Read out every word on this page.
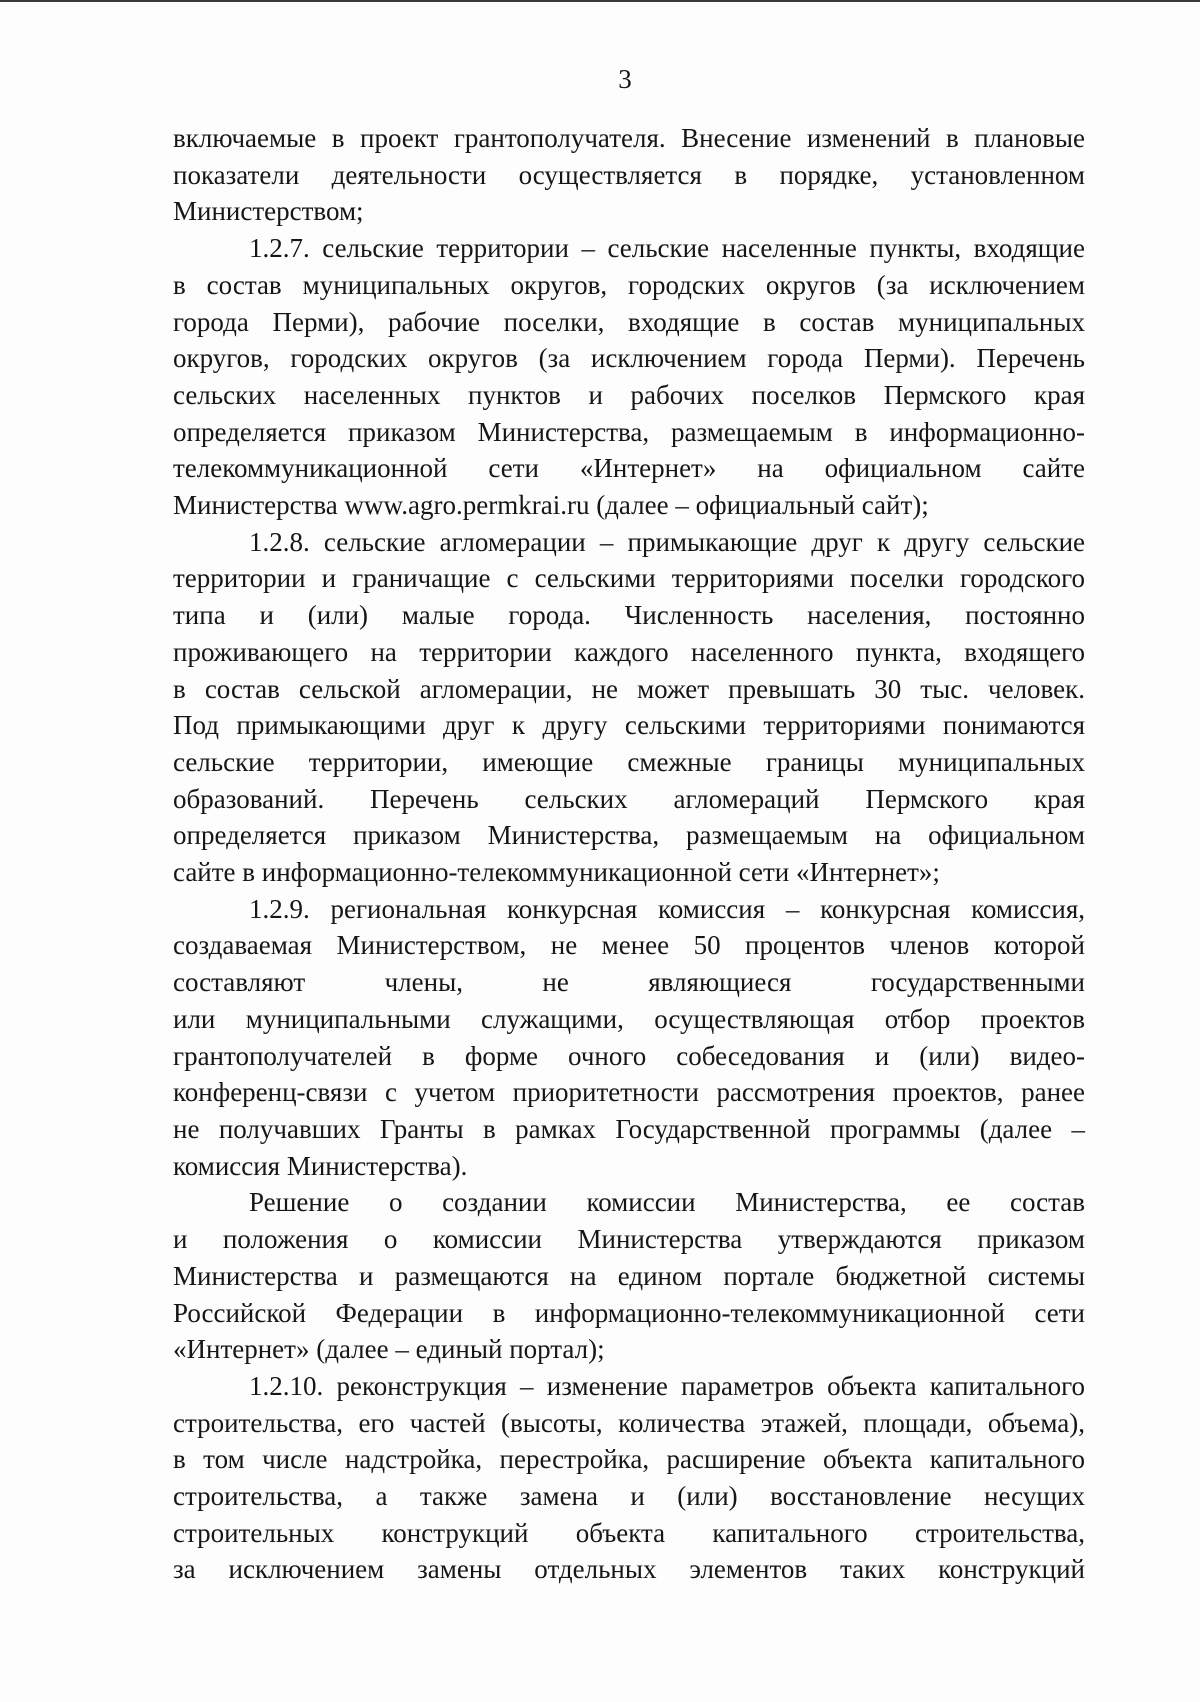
3
включаемые в проект грантополучателя. Внесение изменений в плановые
показатели деятельности осуществляется в порядке, установленном
Министерством;
1.2.7. сельские территории – сельские населенные пункты, входящие
в состав муниципальных округов, городских округов (за исключением
города Перми), рабочие поселки, входящие в состав муниципальных
округов, городских округов (за исключением города Перми). Перечень
сельских населенных пунктов и рабочих поселков Пермского края
определяется приказом Министерства, размещаемым в информационно-
телекоммуникационной сети «Интернет» на официальном сайте
Министерства www.agro.permkrai.ru (далее – официальный сайт);
1.2.8. сельские агломерации – примыкающие друг к другу сельские
территории и граничащие с сельскими территориями поселки городского
типа и (или) малые города. Численность населения, постоянно
проживающего на территории каждого населенного пункта, входящего
в состав сельской агломерации, не может превышать 30 тыс. человек.
Под примыкающими друг к другу сельскими территориями понимаются
сельские территории, имеющие смежные границы муниципальных
образований. Перечень сельских агломераций Пермского края
определяется приказом Министерства, размещаемым на официальном
сайте в информационно-телекоммуникационной сети «Интернет»;
1.2.9. региональная конкурсная комиссия – конкурсная комиссия,
создаваемая Министерством, не менее 50 процентов членов которой
составляют члены, не являющиеся государственными
или муниципальными служащими, осуществляющая отбор проектов
грантополучателей в форме очного собеседования и (или) видео-
конференц-связи с учетом приоритетности рассмотрения проектов, ранее
не получавших Гранты в рамках Государственной программы (далее –
комиссия Министерства).
Решение о создании комиссии Министерства, ее состав
и положения о комиссии Министерства утверждаются приказом
Министерства и размещаются на едином портале бюджетной системы
Российской Федерации в информационно-телекоммуникационной сети
«Интернет» (далее – единый портал);
1.2.10. реконструкция – изменение параметров объекта капитального
строительства, его частей (высоты, количества этажей, площади, объема),
в том числе надстройка, перестройка, расширение объекта капитального
строительства, а также замена и (или) восстановление несущих
строительных конструкций объекта капитального строительства,
за исключением замены отдельных элементов таких конструкций
